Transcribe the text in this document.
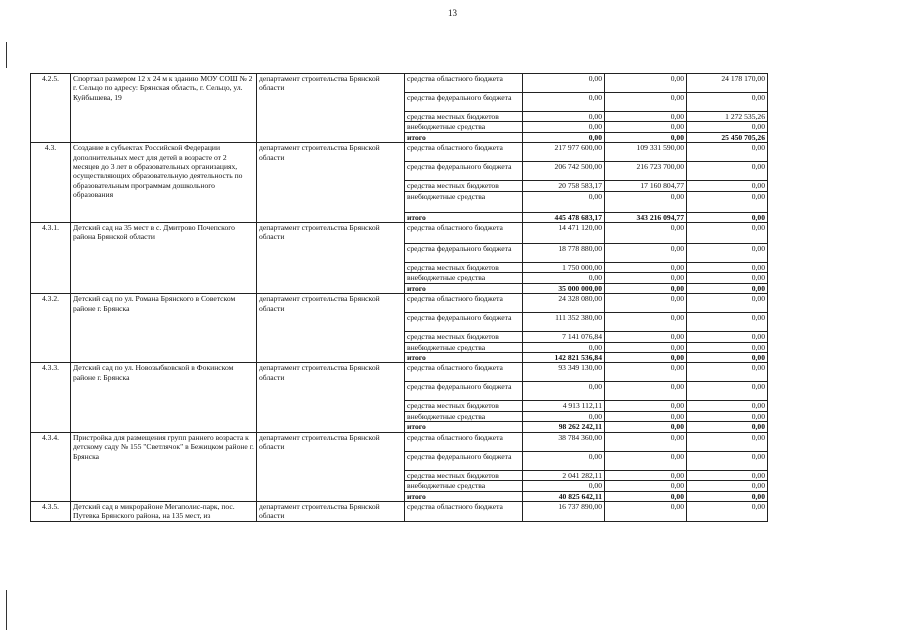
13
4.2.5.	Спортзал размером 12 х 24 м к зданию МОУ СОШ № 2 г. Сельцо по адресу: Брянская область, г. Сельцо, ул. Куйбышева, 19	департамент строительства Брянской области	средства областного бюджета	0,00	0,00	24 178 170,00
			средства федерального бюджета	0,00	0,00	0,00
			средства местных бюджетов	0,00	0,00	1 272 535,26
			внебюджетные средства	0,00	0,00	0,00
			итого	0,00	0,00	25 450 705,26
4.3.	Создание в субъектах Российской Федерации дополнительных мест для детей в возрасте от 2 месяцев до 3 лет в образовательных организациях, осуществляющих образовательную деятельность по образовательным программам дошкольного образования	департамент строительства Брянской области	средства областного бюджета	217 977 600,00	109 331 590,00	0,00
			средства федерального бюджета	206 742 500,00	216 723 700,00	0,00
			средства местных бюджетов	20 758 583,17	17 160 804,77	0,00
			внебюджетные средства	0,00	0,00	0,00
			итого	445 478 683,17	343 216 094,77	0,00
4.3.1.	Детский сад на 35 мест в с. Дмитрово Почепского района Брянской области	департамент строительства Брянской области	средства областного бюджета	14 471 120,00	0,00	0,00
			средства федерального бюджета	18 778 880,00	0,00	0,00
			средства местных бюджетов	1 750 000,00	0,00	0,00
			внебюджетные средства	0,00	0,00	0,00
			итого	35 000 000,00	0,00	0,00
4.3.2.	Детский сад по ул. Романа Брянского в Советском районе г. Брянска	департамент строительства Брянской области	средства областного бюджета	24 328 080,00	0,00	0,00
			средства федерального бюджета	111 352 380,00	0,00	0,00
			средства местных бюджетов	7 141 076,84	0,00	0,00
			внебюджетные средства	0,00	0,00	0,00
			итого	142 821 536,84	0,00	0,00
4.3.3.	Детский сад по ул. Новозыбковской в Фокинском районе г. Брянска	департамент строительства Брянской области	средства областного бюджета	93 349 130,00	0,00	0,00
			средства федерального бюджета	0,00	0,00	0,00
			средства местных бюджетов	4 913 112,11	0,00	0,00
			внебюджетные средства	0,00	0,00	0,00
			итого	98 262 242,11	0,00	0,00
4.3.4.	Пристройка для размещения групп раннего возраста к детскому саду № 155 "Светлячок" в Бежицком районе г. Брянска	департамент строительства Брянской области	средства областного бюджета	38 784 360,00	0,00	0,00
			средства федерального бюджета	0,00	0,00	0,00
			средства местных бюджетов	2 041 282,11	0,00	0,00
			внебюджетные средства	0,00	0,00	0,00
			итого	40 825 642,11	0,00	0,00
4.3.5.	Детский сад в микрорайоне Мегаполис-парк, пос. Путевка Брянского района, на 135 мест, из	департамент строительства Брянской области	средства областного бюджета	16 737 890,00	0,00	0,00
